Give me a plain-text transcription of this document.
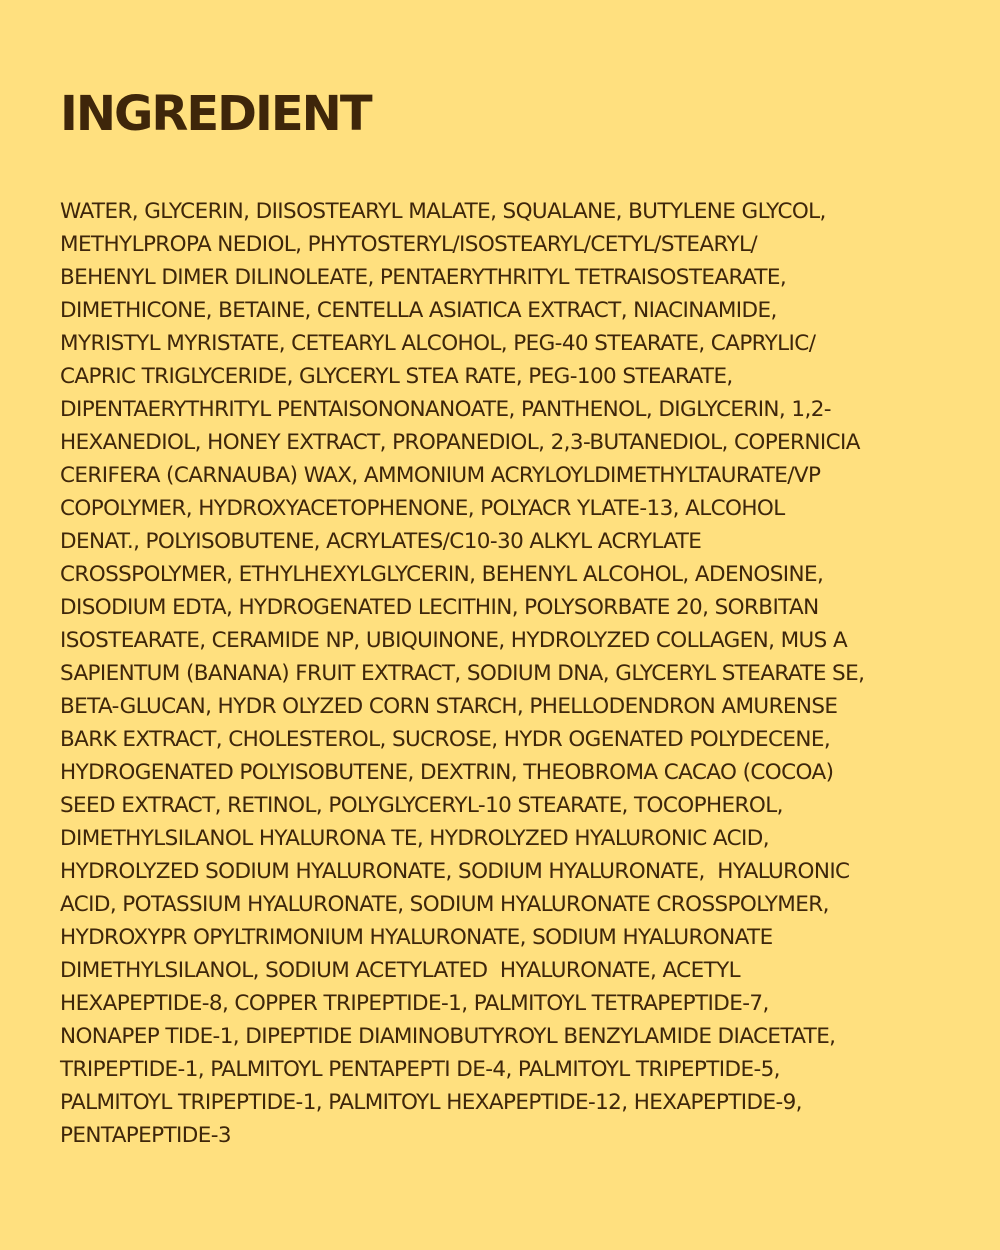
INGREDIENT
WATER, GLYCERIN, DIISOSTEARYL MALATE, SQUALANE, BUTYLENE GLYCOL,
METHYLPROPA NEDIOL, PHYTOSTERYL/ISOSTEARYL/CETYL/STEARYL/
BEHENYL DIMER DILINOLEATE, PENTAERYTHRITYL TETRAISOSTEARATE,
DIMETHICONE, BETAINE, CENTELLA ASIATICA EXTRACT, NIACINAMIDE,
MYRISTYL MYRISTATE, CETEARYL ALCOHOL, PEG-40 STEARATE, CAPRYLIC/
CAPRIC TRIGLYCERIDE, GLYCERYL STEA RATE, PEG-100 STEARATE,
DIPENTAERYTHRITYL PENTAISONONANOATE, PANTHENOL, DIGLYCERIN, 1,2-
HEXANEDIOL, HONEY EXTRACT, PROPANEDIOL, 2,3-BUTANEDIOL, COPERNICIA
CERIFERA (CARNAUBA) WAX, AMMONIUM ACRYLOYLDIMETHYLTAURATE/VP
COPOLYMER, HYDROXYACETOPHENONE, POLYACR YLATE-13, ALCOHOL
DENAT., POLYISOBUTENE, ACRYLATES/C10-30 ALKYL ACRYLATE
CROSSPOLYMER, ETHYLHEXYLGLYCERIN, BEHENYL ALCOHOL, ADENOSINE,
DISODIUM EDTA, HYDROGENATED LECITHIN, POLYSORBATE 20, SORBITAN
ISOSTEARATE, CERAMIDE NP, UBIQUINONE, HYDROLYZED COLLAGEN, MUS A
SAPIENTUM (BANANA) FRUIT EXTRACT, SODIUM DNA, GLYCERYL STEARATE SE,
BETA-GLUCAN, HYDR OLYZED CORN STARCH, PHELLODENDRON AMURENSE
BARK EXTRACT, CHOLESTEROL, SUCROSE, HYDR OGENATED POLYDECENE,
HYDROGENATED POLYISOBUTENE, DEXTRIN, THEOBROMA CACAO (COCOA)
SEED EXTRACT, RETINOL, POLYGLYCERYL-10 STEARATE, TOCOPHEROL,
DIMETHYLSILANOL HYALURONA TE, HYDROLYZED HYALURONIC ACID,
HYDROLYZED SODIUM HYALURONATE, SODIUM HYALURONATE,  HYALURONIC
ACID, POTASSIUM HYALURONATE, SODIUM HYALURONATE CROSSPOLYMER,
HYDROXYPR OPYLTRIMONIUM HYALURONATE, SODIUM HYALURONATE
DIMETHYLSILANOL, SODIUM ACETYLATED  HYALURONATE, ACETYL
HEXAPEPTIDE-8, COPPER TRIPEPTIDE-1, PALMITOYL TETRAPEPTIDE-7,
NONAPEP TIDE-1, DIPEPTIDE DIAMINOBUTYROYL BENZYLAMIDE DIACETATE,
TRIPEPTIDE-1, PALMITOYL PENTAPEPTI DE-4, PALMITOYL TRIPEPTIDE-5,
PALMITOYL TRIPEPTIDE-1, PALMITOYL HEXAPEPTIDE-12, HEXAPEPTIDE-9,
PENTAPEPTIDE-3
